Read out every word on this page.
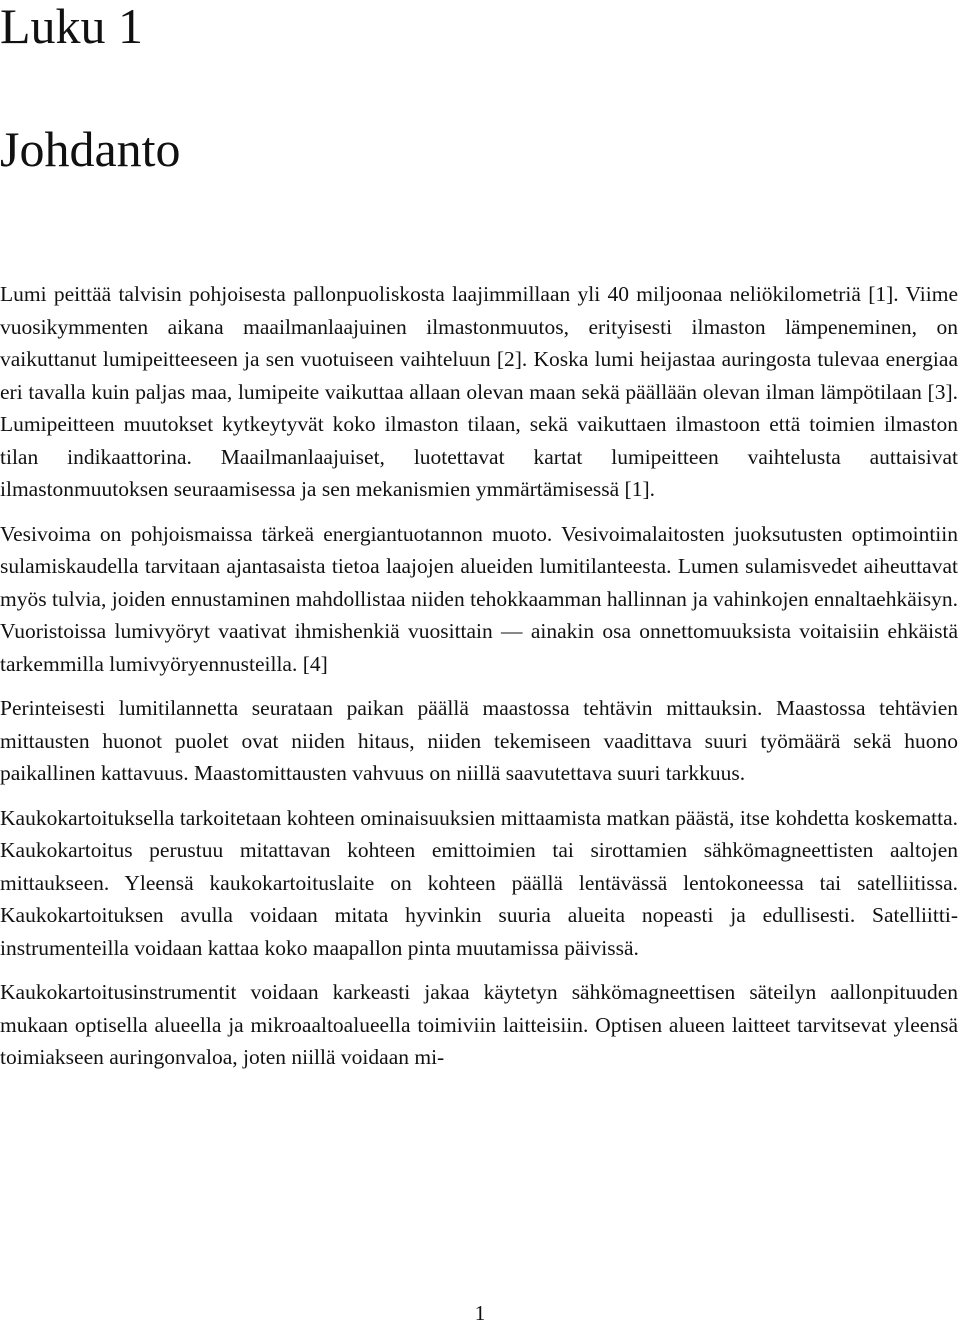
Luku 1
Johdanto

Lumi peittää talvisin pohjoisesta pallonpuoliskosta laajimmillaan yli 40 miljoonaa neliökilometriä [1]. Viime vuosikymmenten aikana maailmanlaajuinen ilmastonmuutos, erityisesti ilmaston lämpeneminen, on vaikuttanut lumipeitteeseen ja sen vuotuiseen vaihteluun [2]. Koska lumi heijastaa auringosta tulevaa energiaa eri tavalla kuin paljas maa, lumipeite vaikuttaa allaan olevan maan sekä päällään olevan ilman lämpötilaan [3]. Lumipeitteen muutokset kytkeytyvät koko ilmaston tilaan, sekä vaikuttaen ilmastoon että toimien ilmaston tilan indikaattorina. Maailmanlaajuiset, luotettavat kartat lumipeitteen vaihtelusta auttaisivat ilmastonmuutoksen seuraamisessa ja sen mekanismien ymmärtämisessä [1].

Vesivoima on pohjoismaissa tärkeä energiantuotannon muoto. Vesivoimalaitosten juoksutusten optimointiin sulamiskaudella tarvitaan ajantasaista tietoa laajojen alueiden lumitilanteesta. Lumen sulamisvedet aiheuttavat myös tulvia, joiden ennustaminen mahdollistaa niiden tehokkaamman hallinnan ja vahinkojen ennaltaehkäisyn. Vuoristoissa lumivyöryt vaativat ihmishenkiä vuosittain — ainakin osa onnettomuuksista voitaisiin ehkäistä tarkemmilla lumivyöryennusteilla. [4]

Perinteisesti lumitilannetta seurataan paikan päällä maastossa tehtävin mittauksin. Maastossa tehtävien mittausten huonot puolet ovat niiden hitaus, niiden tekemiseen vaadittava suuri työmäärä sekä huono paikallinen kattavuus. Maastomittausten vahvuus on niillä saavutettava suuri tarkkuus.

Kaukokartoituksella tarkoitetaan kohteen ominaisuuksien mittaamista matkan päästä, itse kohdetta koskematta. Kaukokartoitus perustuu mitattavan kohteen emittoimien tai sirottamien sähkömagneettisten aaltojen mittaukseen. Yleensä kaukokartoituslaite on kohteen päällä lentävässä lentokoneessa tai satelliitissa. Kaukokartoituksen avulla voidaan mitata hyvinkin suuria alueita nopeasti ja edullisesti. Satelliitti-instrumenteilla voidaan kattaa koko maapallon pinta muutamissa päivissä.

Kaukokartoitusinstrumentit voidaan karkeasti jakaa käytetyn sähkömagneettisen säteilyn aallonpituuden mukaan optisella alueella ja mikroaaltoalueella toimiviin laitteisiin. Optisen alueen laitteet tarvitsevat yleensä toimiakseen auringonvaloa, joten niillä voidaan mi-

1
